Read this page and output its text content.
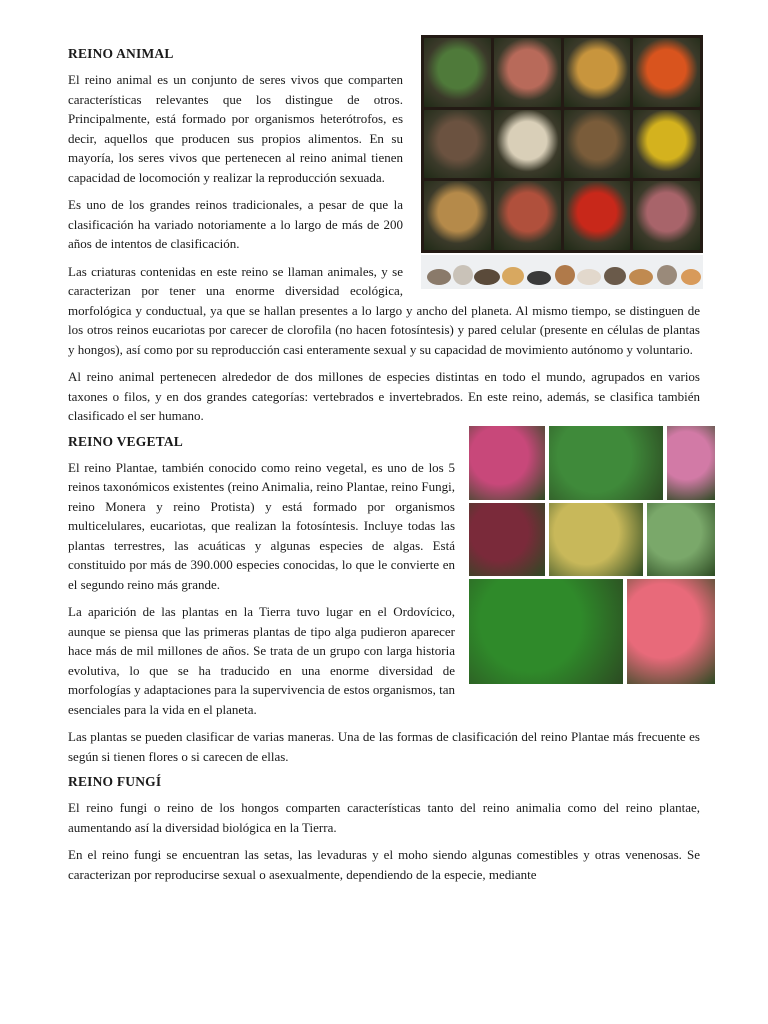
REINO ANIMAL

El reino animal es un conjunto de seres vivos que comparten características relevantes que los distingue de otros. Principalmente, está formado por organismos heterótrofos, es decir, aquellos que producen sus propios alimentos. En su mayoría, los seres vivos que pertenecen al reino animal tienen capacidad de locomoción y realizar la reproducción sexuada.

Es uno de los grandes reinos tradicionales, a pesar de que la clasificación ha variado notoriamente a lo largo de más de 200 años de intentos de clasificación.

Las criaturas contenidas en este reino se llaman animales, y se caracterizan por tener una enorme diversidad ecológica, morfológica y conductual, ya que se hallan presentes a lo largo y ancho del planeta. Al mismo tiempo, se distinguen de los otros reinos eucariotas por carecer de clorofila (no hacen fotosíntesis) y pared celular (presente en células de plantas y hongos), así como por su reproducción casi enteramente sexual y su capacidad de movimiento autónomo y voluntario.

Al reino animal pertenecen alrededor de dos millones de especies distintas en todo el mundo, agrupados en varios taxones o filos, y en dos grandes categorías: vertebrados e invertebrados. En este reino, además, se clasifica también clasificado el ser humano.

REINO VEGETAL

El reino Plantae, también conocido como reino vegetal, es uno de los 5 reinos taxonómicos existentes (reino Animalia, reino Plantae, reino Fungi, reino Monera y reino Protista) y está formado por organismos multicelulares, eucariotas, que realizan la fotosíntesis. Incluye todas las plantas terrestres, las acuáticas y algunas especies de algas. Está constituido por más de 390.000 especies conocidas, lo que le convierte en el segundo reino más grande.

La aparición de las plantas en la Tierra tuvo lugar en el Ordovícico, aunque se piensa que las primeras plantas de tipo alga pudieron aparecer hace más de mil millones de años. Se trata de un grupo con larga historia evolutiva, lo que se ha traducido en una enorme diversidad de morfologías y adaptaciones para la supervivencia de estos organismos, tan esenciales para la vida en el planeta.

Las plantas se pueden clasificar de varias maneras. Una de las formas de clasificación del reino Plantae más frecuente es según si tienen flores o si carecen de ellas.

REINO FUNGÍ

El reino fungi o reino de los hongos comparten características tanto del reino animalia como del reino plantae, aumentando así la diversidad biológica en la Tierra.

En el reino fungi se encuentran las setas, las levaduras y el moho siendo algunas comestibles y otras venenosas. Se caracterizan por reproducirse sexual o asexualmente, dependiendo de la especie, mediante
